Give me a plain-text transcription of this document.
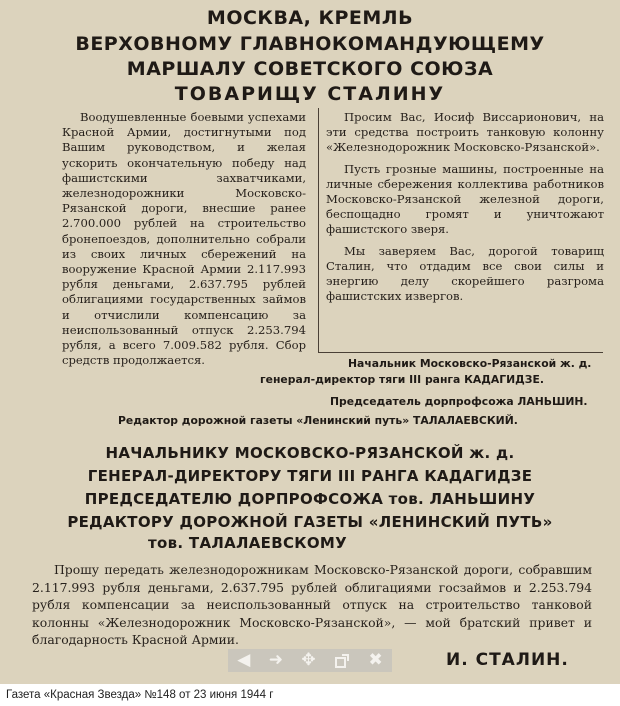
МОСКВА, КРЕМЛЬ
ВЕРХОВНОМУ ГЛАВНОКОМАНДУЮЩЕМУ
МАРШАЛУ СОВЕТСКОГО СОЮЗА
ТОВАРИЩУ СТАЛИНУ

Воодушевленные боевыми успехами Красной Армии, достигнутыми под Вашим руководством, и желая ускорить окончательную победу над фашистскими захватчиками, железнодорожники Московско-Рязанской дороги, внесшие ранее 2.700.000 рублей на строительство бронепоездов, дополнительно собрали из своих личных сбережений на вооружение Красной Армии 2.117.993 рубля деньгами, 2.637.795 рублей облигациями государственных займов и отчислили компенсацию за неиспользованный отпуск 2.253.794 рубля, а всего 7.009.582 рубля. Сбор средств продолжается.

Просим Вас, Иосиф Виссарионович, на эти средства построить танковую колонну «Железнодорожник Московско-Рязанской».

Пусть грозные машины, построенные на личные сбережения коллектива работников Московско-Рязанской железной дороги, беспощадно громят и уничтожают фашистского зверя.

Мы заверяем Вас, дорогой товарищ Сталин, что отдадим все свои силы и энергию делу скорейшего разгрома фашистских извергов.

Начальник Московско-Рязанской ж. д.
генерал-директор тяги III ранга КАДАГИДЗЕ.
Председатель дорпрофсожа ЛАНЬШИН.
Редактор дорожной газеты «Ленинский путь» ТАЛАЛАЕВСКИЙ.
НАЧАЛЬНИКУ МОСКОВСКО-РЯЗАНСКОЙ ж. д.
ГЕНЕРАЛ-ДИРЕКТОРУ ТЯГИ III РАНГА КАДАГИДЗЕ
ПРЕДСЕДАТЕЛЮ ДОРПРОФСОЖА тов. ЛАНЬШИНУ
РЕДАКТОРУ ДОРОЖНОЙ ГАЗЕТЫ «ЛЕНИНСКИЙ ПУТЬ»
тов. ТАЛАЛАЕВСКОМУ

Прошу передать железнодорожникам Московско-Рязанской дороги, собравшим 2.117.993 рубля деньгами, 2.637.795 рублей облигациями госзаймов и 2.253.794 рубля компенсации за неиспользованный отпуск на строительство танковой колонны «Железнодорожник Московско-Рязанской», — мой братский привет и благодарность Красной Армии.

И. СТАЛИН.
◀ ➜ ✥	✖
Газета «Красная Звезда» №148 от 23 июня 1944 г
